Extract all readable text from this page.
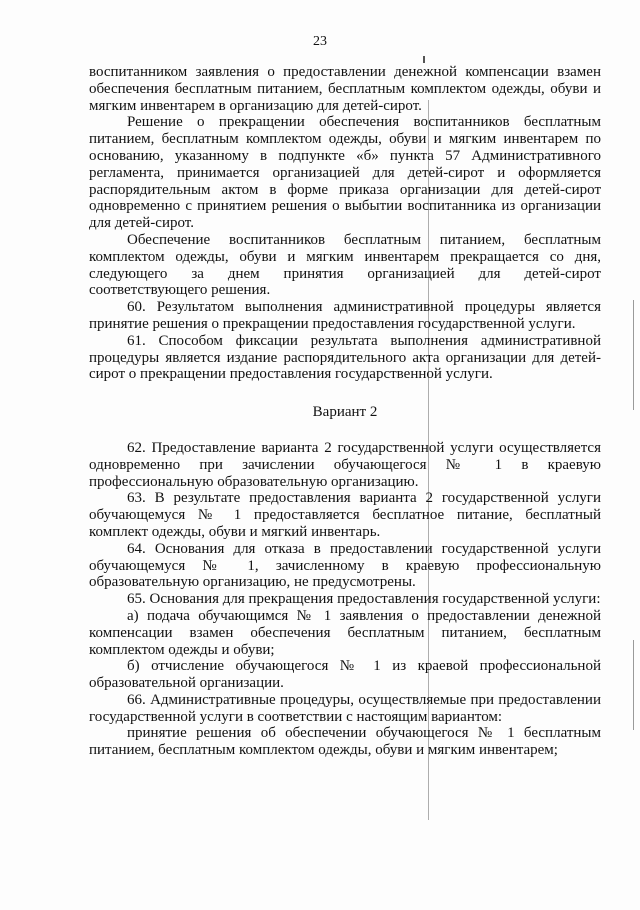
23

воспитанником заявления о предоставлении денежной компенсации взамен обеспечения бесплатным питанием, бесплатным комплектом одежды, обуви и мягким инвентарем в организацию для детей-сирот.

Решение о прекращении обеспечения воспитанников бесплатным питанием, бесплатным комплектом одежды, обуви и мягким инвентарем по основанию, указанному в подпункте «б» пункта 57 Административного регламента, принимается организацией для детей-сирот и оформляется распорядительным актом в форме приказа организации для детей-сирот одновременно с принятием решения о выбытии воспитанника из организации для детей-сирот.

Обеспечение воспитанников бесплатным питанием, бесплатным комплектом одежды, обуви и мягким инвентарем прекращается со дня, следующего за днем принятия организацией для детей-сирот соответствующего решения.

60. Результатом выполнения административной процедуры является принятие решения о прекращении предоставления государственной услуги.

61. Способом фиксации результата выполнения административной процедуры является издание распорядительного акта организации для детей-сирот о прекращении предоставления государственной услуги.

Вариант 2

62. Предоставление варианта 2 государственной услуги осуществляется одновременно при зачислении обучающегося № 1 в краевую профессиональную образовательную организацию.

63. В результате предоставления варианта 2 государственной услуги обучающемуся № 1 предоставляется бесплатное питание, бесплатный комплект одежды, обуви и мягкий инвентарь.

64. Основания для отказа в предоставлении государственной услуги обучающемуся № 1, зачисленному в краевую профессиональную образовательную организацию, не предусмотрены.

65. Основания для прекращения предоставления государственной услуги:

а) подача обучающимся № 1 заявления о предоставлении денежной компенсации взамен обеспечения бесплатным питанием, бесплатным комплектом одежды и обуви;

б) отчисление обучающегося № 1 из краевой профессиональной образовательной организации.

66. Административные процедуры, осуществляемые при предоставлении государственной услуги в соответствии с настоящим вариантом:

принятие решения об обеспечении обучающегося № 1 бесплатным питанием, бесплатным комплектом одежды, обуви и мягким инвентарем;
